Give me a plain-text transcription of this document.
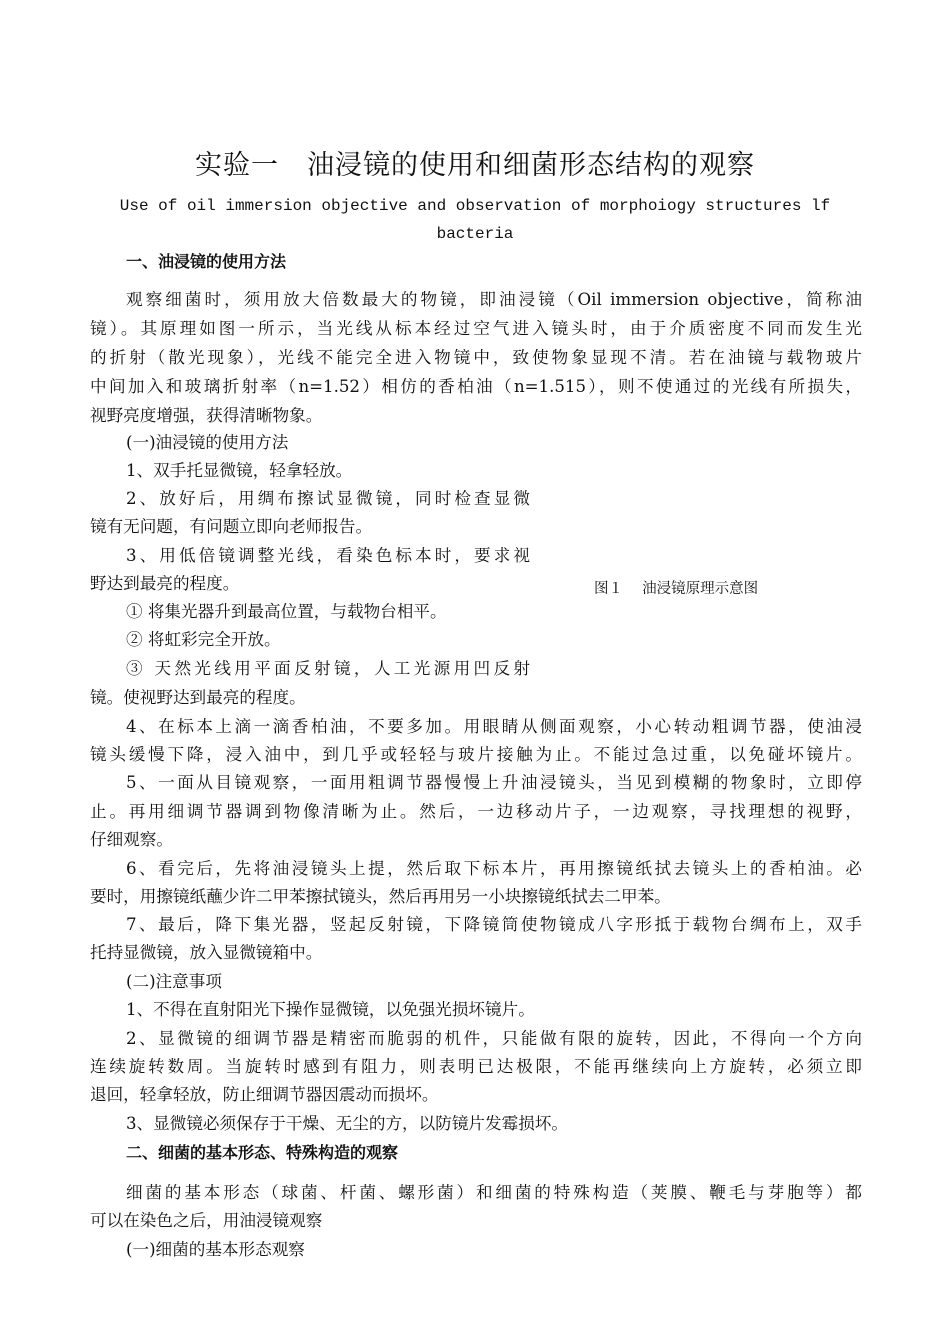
实验一　油浸镜的使用和细菌形态结构的观察
Use of oil immersion objective and observation of morphoiogy structures lf bacteria
一、油浸镜的使用方法
观察细菌时，须用放大倍数最大的物镜，即油浸镜（Oil immersion objective，简称油
镜）。其原理如图一所示，当光线从标本经过空气进入镜头时，由于介质密度不同而发生光
的折射（散光现象），光线不能完全进入物镜中，致使物象显现不清。若在油镜与载物玻片
中间加入和玻璃折射率（n=1.52）相仿的香柏油（n=1.515），则不使通过的光线有所损失，
视野亮度增强，获得清晰物象。
(一)油浸镜的使用方法
1、双手托显微镜，轻拿轻放。
2、放好后，用绸布擦试显微镜，同时检查显微
镜有无问题，有问题立即向老师报告。
3、用低倍镜调整光线，看染色标本时，要求视
野达到最亮的程度。
① 将集光器升到最高位置，与载物台相平。
② 将虹彩完全开放。
③ 天然光线用平面反射镜，人工光源用凹反射
镜。使视野达到最亮的程度。
图１　 油浸镜原理示意图
4、在标本上滴一滴香柏油，不要多加。用眼睛从侧面观察，小心转动粗调节器，使油浸
镜头缓慢下降，浸入油中，到几乎或轻轻与玻片接触为止。不能过急过重，以免碰坏镜片。
5、一面从目镜观察，一面用粗调节器慢慢上升油浸镜头，当见到模糊的物象时，立即停
止。再用细调节器调到物像清晰为止。然后，一边移动片子，一边观察，寻找理想的视野，
仔细观察。
6、看完后，先将油浸镜头上提，然后取下标本片，再用擦镜纸拭去镜头上的香柏油。必
要时，用擦镜纸蘸少许二甲苯擦拭镜头，然后再用另一小块擦镜纸拭去二甲苯。
7、最后，降下集光器，竖起反射镜，下降镜筒使物镜成八字形抵于载物台绸布上，双手
托持显微镜，放入显微镜箱中。
(二)注意事项
1、不得在直射阳光下操作显微镜，以免强光损坏镜片。
2、显微镜的细调节器是精密而脆弱的机件，只能做有限的旋转，因此，不得向一个方向
连续旋转数周。当旋转时感到有阻力，则表明已达极限，不能再继续向上方旋转，必须立即
退回，轻拿轻放，防止细调节器因震动而损坏。
3、显微镜必须保存于干燥、无尘的方，以防镜片发霉损坏。
二、细菌的基本形态、特殊构造的观察
细菌的基本形态（球菌、杆菌、螺形菌）和细菌的特殊构造（荚膜、鞭毛与芽胞等）都
可以在染色之后，用油浸镜观察
(一)细菌的基本形态观察
